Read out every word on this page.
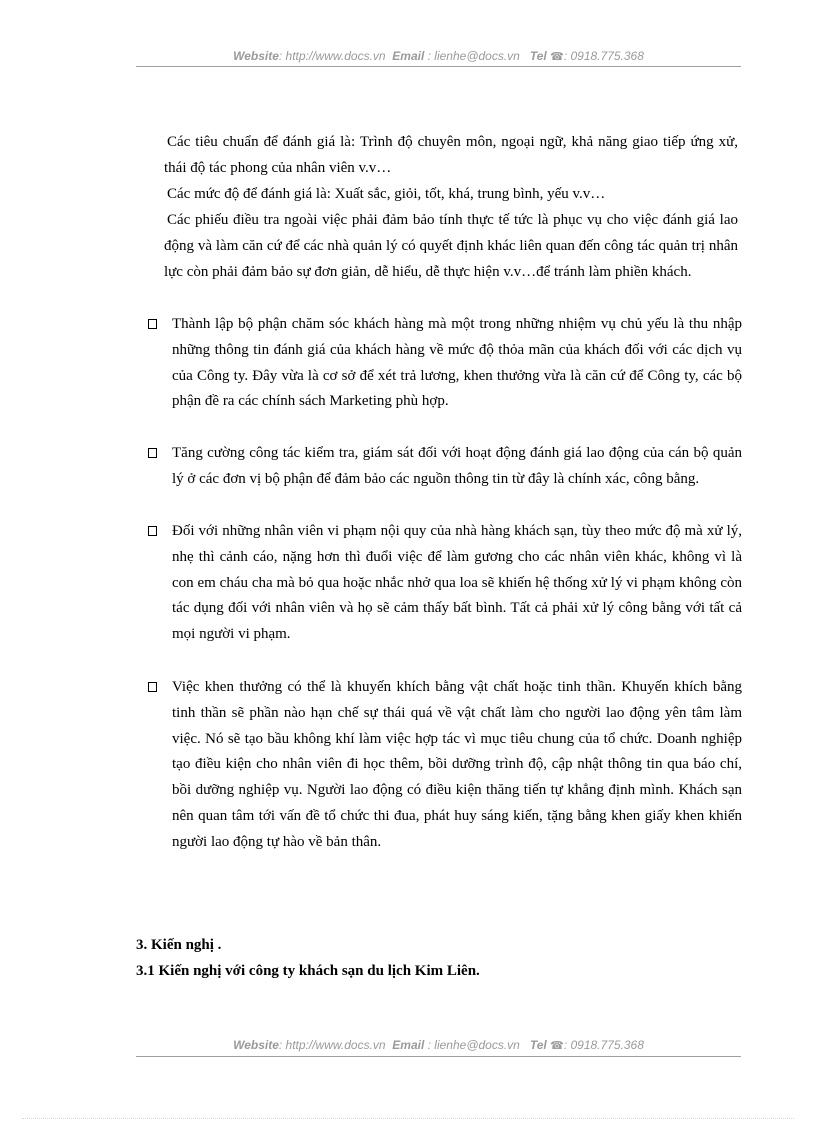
Website: http://www.docs.vn Email : lienhe@docs.vn Tel ☎: 0918.775.368

Các tiêu chuẩn để đánh giá là: Trình độ chuyên môn, ngoại ngữ, khả năng giao tiếp ứng xử, thái độ tác phong của nhân viên v.v…

Các mức độ để đánh giá là: Xuất sắc, giỏi, tốt, khá, trung bình, yếu v.v…

Các phiếu điều tra ngoài việc phải đảm bảo tính thực tế tức là phục vụ cho việc đánh giá lao động và làm căn cứ để các nhà quản lý có quyết định khác liên quan đến công tác quản trị nhân lực còn phải đảm bảo sự đơn giản, dễ hiểu, dễ thực hiện v.v…để tránh làm phiền khách.

Thành lập bộ phận chăm sóc khách hàng mà một trong những nhiệm vụ chủ yếu là thu nhập những thông tin đánh giá của khách hàng về mức độ thỏa mãn của khách đối với các dịch vụ của Công ty. Đây vừa là cơ sở để xét trả lương, khen thưởng vừa là căn cứ để Công ty, các bộ phận đề ra các chính sách Marketing phù hợp.

Tăng cường công tác kiểm tra, giám sát đối với hoạt động đánh giá lao động của cán bộ quản lý ở các đơn vị bộ phận để đảm bảo các nguồn thông tin từ đây là chính xác, công bằng.

Đối với những nhân viên vi phạm nội quy của nhà hàng khách sạn, tùy theo mức độ mà xử lý, nhẹ thì cảnh cáo, nặng hơn thì đuổi việc để làm gương cho các nhân viên khác, không vì là con em cháu cha mà bỏ qua hoặc nhắc nhở qua loa sẽ khiến hệ thống xử lý vi phạm không còn tác dụng đối với nhân viên và họ sẽ cảm thấy bất bình. Tất cả phải xử lý công bằng với tất cả mọi người vi phạm.

Việc khen thưởng có thể là khuyến khích bằng vật chất hoặc tinh thần. Khuyến khích bằng tinh thần sẽ phần nào hạn chế sự thái quá về vật chất làm cho người lao động yên tâm làm việc. Nó sẽ tạo bầu không khí làm việc hợp tác vì mục tiêu chung của tổ chức. Doanh nghiệp tạo điều kiện cho nhân viên đi học thêm, bồi dưỡng trình độ, cập nhật thông tin qua báo chí, bồi dưỡng nghiệp vụ. Người lao động có điều kiện thăng tiến tự khẳng định mình. Khách sạn nên quan tâm tới vấn đề tổ chức thi đua, phát huy sáng kiến, tặng bằng khen giấy khen khiến người lao động tự hào về bản thân.

3. Kiến nghị .

3.1 Kiến nghị với công ty khách sạn du lịch Kim Liên.

Website: http://www.docs.vn Email : lienhe@docs.vn Tel ☎: 0918.775.368
